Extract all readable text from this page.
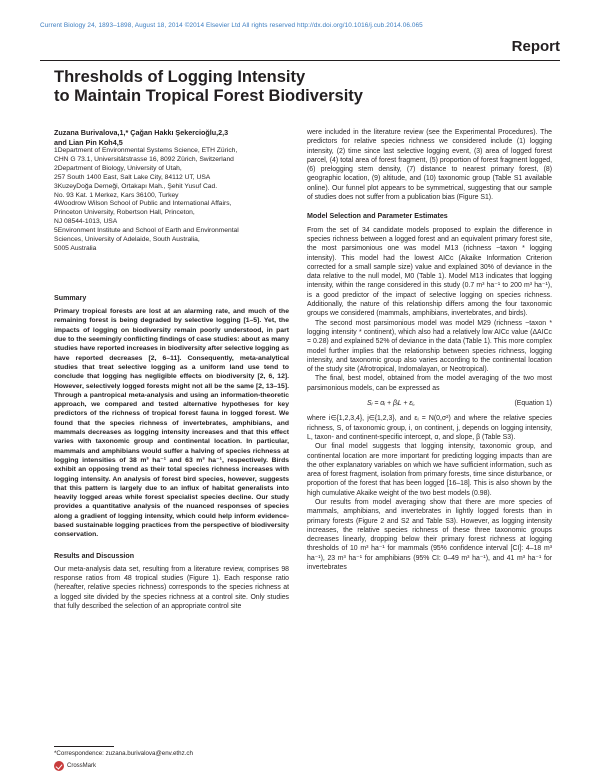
Current Biology 24, 1893–1898, August 18, 2014 ©2014 Elsevier Ltd All rights reserved http://dx.doi.org/10.1016/j.cub.2014.06.065
Report
Thresholds of Logging Intensity
to Maintain Tropical Forest Biodiversity
Zuzana Burivalova,1,* Çağan Hakkı Şekercioğlu,2,3
and Lian Pin Koh4,5

1Department of Environmental Systems Science, ETH Zürich,

CHN G 73.1, Universitätstrasse 16, 8092 Zürich, Switzerland

2Department of Biology, University of Utah,

257 South 1400 East, Salt Lake City, 84112 UT, USA

3KuzeyDoğa Derneği, Ortakapı Mah., Şehit Yusuf Cad.

No. 93 Kat. 1 Merkez, Kars 36100, Turkey

4Woodrow Wilson School of Public and International Affairs,

Princeton University, Robertson Hall, Princeton,

NJ 08544-1013, USA

5Environment Institute and School of Earth and Environmental

Sciences, University of Adelaide, South Australia,

5005 Australia

Summary

Primary tropical forests are lost at an alarming rate, and much of the remaining forest is being degraded by selective logging [1–5]. Yet, the impacts of logging on biodiversity remain poorly understood, in part due to the seemingly conflicting findings of case studies: about as many studies have reported increases in biodiversity after selective logging as have reported decreases [2, 6–11]. Consequently, meta-analytical studies that treat selective logging as a uniform land use tend to conclude that logging has negligible effects on biodiversity [2, 6, 12]. However, selectively logged forests might not all be the same [2, 13–15]. Through a pantropical meta-analysis and using an information-theoretic approach, we compared and tested alternative hypotheses for key predictors of the richness of tropical forest fauna in logged forest. We found that the species richness of invertebrates, amphibians, and mammals decreases as logging intensity increases and that this effect varies with taxonomic group and continental location. In particular, mammals and amphibians would suffer a halving of species richness at logging intensities of 38 m³ ha⁻¹ and 63 m³ ha⁻¹, respectively. Birds exhibit an opposing trend as their total species richness increases with logging intensity. An analysis of forest bird species, however, suggests that this pattern is largely due to an influx of habitat generalists into heavily logged areas while forest specialist species decline. Our study provides a quantitative analysis of the nuanced responses of species along a gradient of logging intensity, which could help inform evidence-based sustainable logging practices from the perspective of biodiversity conservation.

Results and Discussion

Our meta-analysis data set, resulting from a literature review, comprises 98 response ratios from 48 tropical studies (Figure 1). Each response ratio (hereafter, relative species richness) corresponds to the species richness at a logged site divided by the species richness at a control site. Only studies that fully described the selection of an appropriate control site

were included in the literature review (see the Experimental Procedures). The predictors for relative species richness we considered include (1) logging intensity, (2) time since last selective logging event, (3) area of logged forest parcel, (4) total area of forest fragment, (5) proportion of forest fragment logged, (6) prelogging stem density, (7) distance to nearest primary forest, (8) geographic location, (9) altitude, and (10) taxonomic group (Table S1 available online). Our funnel plot appears to be symmetrical, suggesting that our sample of studies does not suffer from a publication bias (Figure S1).

Model Selection and Parameter Estimates

From the set of 34 candidate models proposed to explain the difference in species richness between a logged forest and an equivalent primary forest site, the most parsimonious one was model M13 (richness ~taxon * logging intensity). This model had the lowest AICc (Akaike Information Criterion corrected for a small sample size) value and explained 30% of deviance in the data relative to the null model, M0 (Table 1). Model M13 indicates that logging intensity, within the range considered in this study (0.7 m³ ha⁻¹ to 200 m³ ha⁻¹), is a good predictor of the impact of selective logging on species richness. Additionally, the nature of this relationship differs among the four taxonomic groups we considered (mammals, amphibians, invertebrates, and birds).

The second most parsimonious model was model M29 (richness ~taxon * logging intensity * continent), which also had a relatively low AICc value (ΔAICc = 0.28) and explained 52% of deviance in the data (Table 1). This more complex model further implies that the relationship between species richness, logging intensity, and taxonomic group also varies according to the continental location of the study site (Afrotropical, Indomalayan, or Neotropical).

The final, best model, obtained from the model averaging of the two most parsimonious models, can be expressed as

Sᵢ = αᵢ + βᵢL + εᵢ,	(Equation 1)

where i∈{1,2,3,4}, j∈{1,2,3}, and εᵢ = N(0,σ²) and where the relative species richness, S, of taxonomic group, i, on continent, j, depends on logging intensity, L, taxon- and continent-specific intercept, α, and slope, β (Table S3).

Our final model suggests that logging intensity, taxonomic group, and continental location are more important for predicting logging impacts than are the other explanatory variables on which we have sufficient information, such as area of forest fragment, isolation from primary forests, time since disturbance, or proportion of the forest that has been logged [16–18]. This is also shown by the high cumulative Akaike weight of the two best models (0.98).

Our results from model averaging show that there are more species of mammals, amphibians, and invertebrates in lightly logged forests than in primary forests (Figure 2 and S2 and Table S3). However, as logging intensity increases, the relative species richness of these three taxonomic groups decreases linearly, dropping below their primary forest richness at logging thresholds of 10 m³ ha⁻¹ for mammals (95% confidence interval [CI]: 4–18 m³ ha⁻¹), 23 m³ ha⁻¹ for amphibians (95% CI: 0–49 m³ ha⁻¹), and 41 m³ ha⁻¹ for invertebrates

*Correspondence: zuzana.burivalova@env.ethz.ch
CrossMark
